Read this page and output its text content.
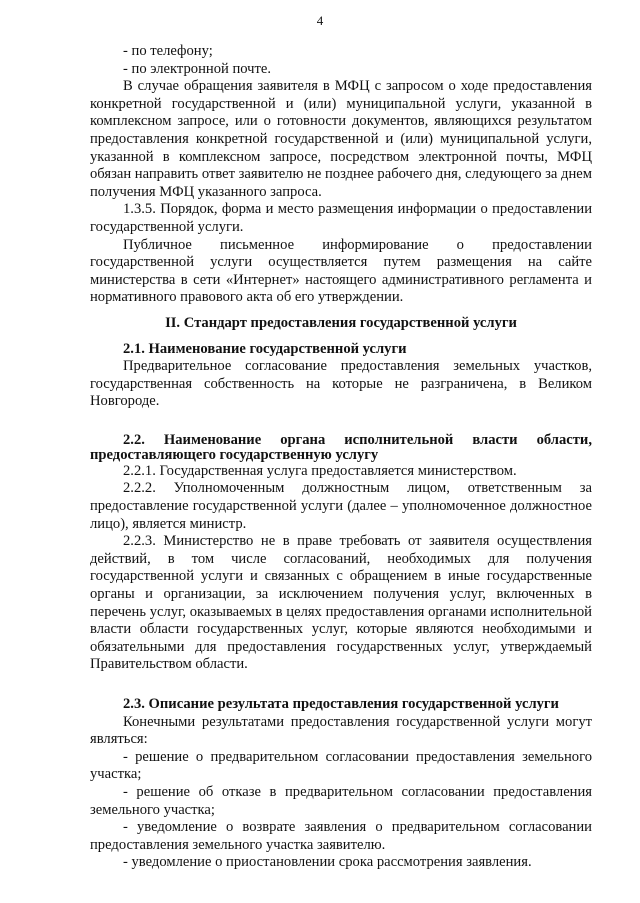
4

- по телефону;

- по электронной почте.

В случае обращения заявителя в МФЦ с запросом о ходе предоставления конкретной государственной и (или) муниципальной услуги, указанной в комплексном запросе, или о готовности документов, являющихся результатом предоставления конкретной государственной и (или) муниципальной услуги, указанной в комплексном запросе, посредством электронной почты, МФЦ обязан направить ответ заявителю не позднее рабочего дня, следующего за днем получения МФЦ указанного запроса.

1.3.5. Порядок, форма и место размещения информации о предоставлении государственной услуги.

Публичное письменное информирование о предоставлении государственной услуги осуществляется путем размещения на сайте министерства в сети «Интернет» настоящего административного регламента и нормативного правового акта об его утверждении.

II. Стандарт предоставления государственной услуги
2.1. Наименование государственной услуги

Предварительное согласование предоставления земельных участков, государственная собственность на которые не разграничена, в Великом Новгороде.

2.2. Наименование органа исполнительной власти области, предоставляющего государственную услугу

2.2.1. Государственная услуга предоставляется министерством.

2.2.2. Уполномоченным должностным лицом, ответственным за предоставление государственной услуги (далее – уполномоченное должностное лицо), является министр.

2.2.3. Министерство не в праве требовать от заявителя осуществления действий, в том числе согласований, необходимых для получения государственной услуги и связанных с обращением в иные государственные органы и организации, за исключением получения услуг, включенных в перечень услуг, оказываемых в целях предоставления органами исполнительной власти области государственных услуг, которые являются необходимыми и обязательными для предоставления государственных услуг, утверждаемый Правительством области.

2.3. Описание результата предоставления государственной услуги

Конечными результатами предоставления государственной услуги могут являться:

- решение о предварительном согласовании предоставления земельного участка;

- решение об отказе в предварительном согласовании предоставления земельного участка;

- уведомление о возврате заявления о предварительном согласовании предоставления земельного участка заявителю.

- уведомление о приостановлении срока рассмотрения заявления.
